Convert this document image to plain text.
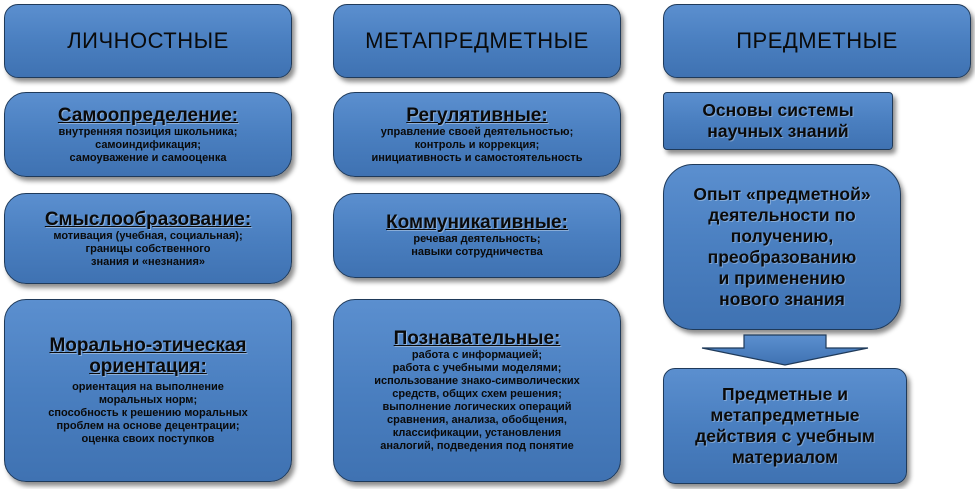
ЛИЧНОСТНЫЕ
Самоопределение:
внутренняя позиция школьника;
самоиндификация;
самоуважение и самооценка
Смыслообразование:
мотивация (учебная, социальная);
границы собственного
знания и «незнания»
Морально-этическая
ориентация:
ориентация на выполнение
моральных норм;
способность к решению моральных
проблем на основе децентрации;
оценка своих поступков
МЕТАПРЕДМЕТНЫЕ
Регулятивные:
управление своей деятельностью;
контроль и коррекция;
инициативность и самостоятельность
Коммуникативные:
речевая деятельность;
навыки сотрудничества
Познавательные:
работа с информацией;
работа с учебными моделями;
использование знако-символических
средств, общих схем решения;
выполнение логических операций
сравнения, анализа, обобщения,
классификации, установления
аналогий, подведения под понятие
ПРЕДМЕТНЫЕ
Основы системы
научных знаний
Опыт «предметной»
деятельности по
получению,
преобразованию
и применению
нового знания
Предметные и
метапредметные
действия с учебным
материалом
